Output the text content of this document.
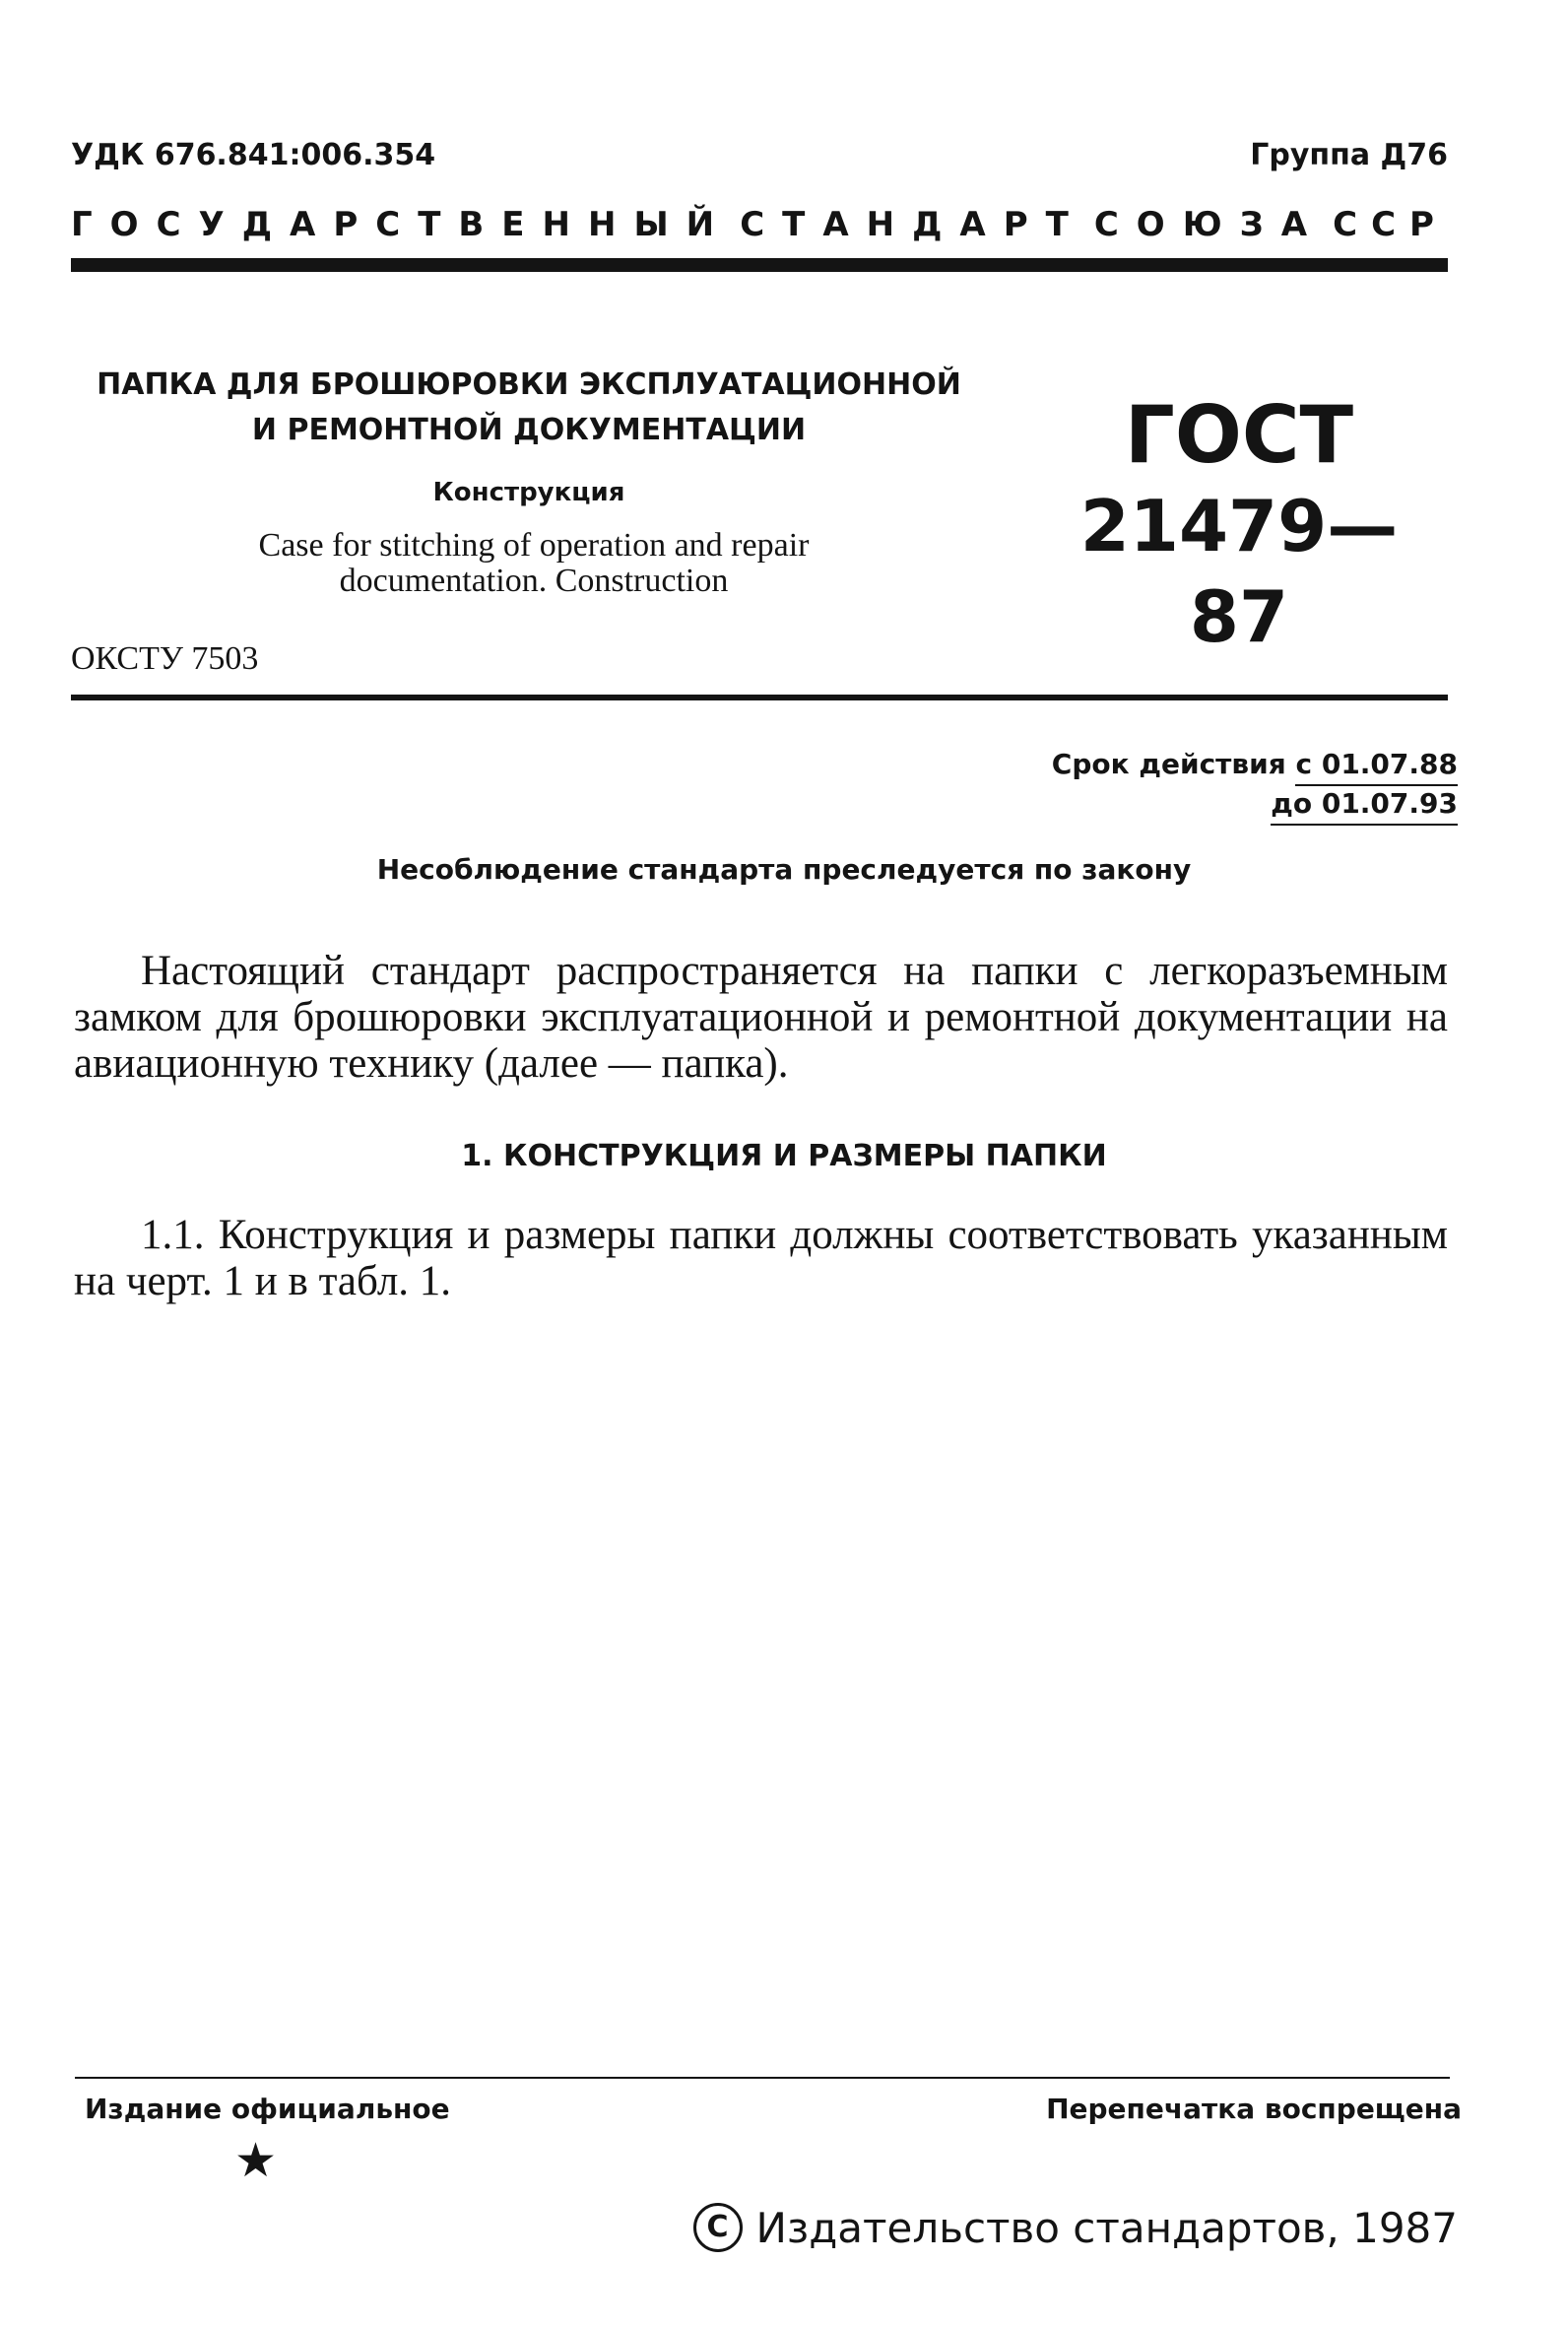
УДК 676.841:006.354	Группа Д76
ГОСУДАРСТВЕННЫЙ СТАНДАРТ СОЮЗА ССР
ПАПКА ДЛЯ БРОШЮРОВКИ ЭКСПЛУАТАЦИОННОЙ
И РЕМОНТНОЙ ДОКУМЕНТАЦИИ
Конструкция
Case for stitching of operation and repair documentation. Construction
ГОСТ
21479—87
ОКСТУ 7503
Срок действия с 01.07.88
до 01.07.93
Несоблюдение стандарта преследуется по закону

Настоящий стандарт распространяется на папки с легкоразъемным замком для брошюровки эксплуатационной и ремонтной документации на авиационную технику (далее — папка).

1. КОНСТРУКЦИЯ И РАЗМЕРЫ ПАПКИ

1.1. Конструкция и размеры папки должны соответствовать указанным на черт. 1 и в табл. 1.

Издание официальное	Перепечатка воспрещена
★
C Издательство стандартов, 1987
